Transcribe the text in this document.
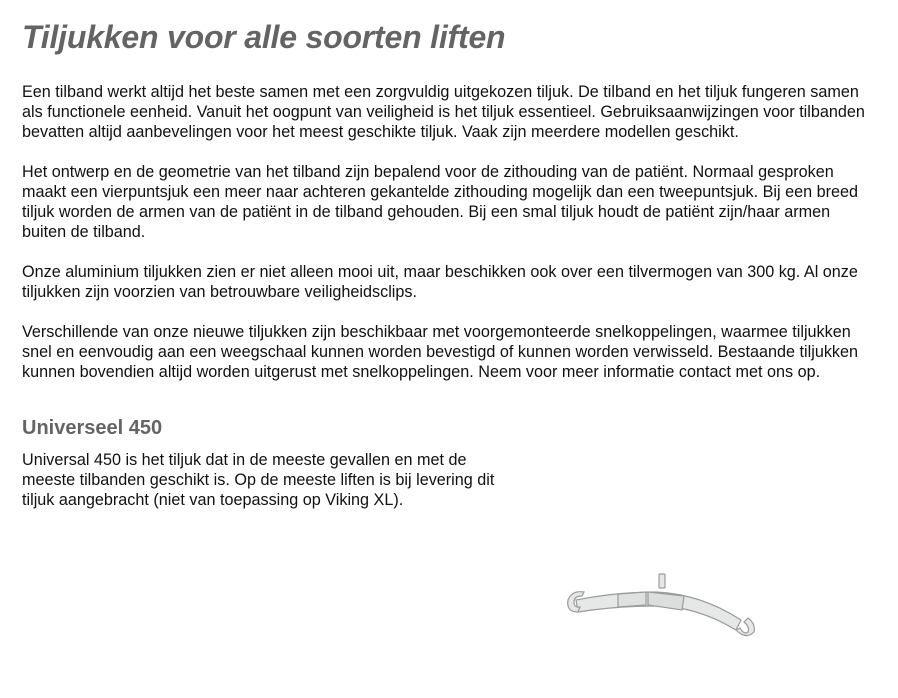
Tiljukken voor alle soorten liften

Een tilband werkt altijd het beste samen met een zorgvuldig uitgekozen tiljuk. De tilband en het tiljuk fungeren samen als functionele eenheid. Vanuit het oogpunt van veiligheid is het tiljuk essentieel. Gebruiksaanwijzingen voor tilbanden bevatten altijd aanbevelingen voor het meest geschikte tiljuk. Vaak zijn meerdere modellen geschikt.

Het ontwerp en de geometrie van het tilband zijn bepalend voor de zithouding van de patiënt. Normaal gesproken maakt een vierpuntsjuk een meer naar achteren gekantelde zithouding mogelijk dan een tweepuntsjuk. Bij een breed tiljuk worden de armen van de patiënt in de tilband gehouden. Bij een smal tiljuk houdt de patiënt zijn/haar armen buiten de tilband.

Onze aluminium tiljukken zien er niet alleen mooi uit, maar beschikken ook over een tilvermogen van 300 kg. Al onze tiljukken zijn voorzien van betrouwbare veiligheidsclips.

Verschillende van onze nieuwe tiljukken zijn beschikbaar met voorgemonteerde snelkoppelingen, waarmee tiljukken snel en eenvoudig aan een weegschaal kunnen worden bevestigd of kunnen worden verwisseld. Bestaande tiljukken kunnen bovendien altijd worden uitgerust met snelkoppelingen. Neem voor meer informatie contact met ons op.

Universeel 450

Universal 450 is het tiljuk dat in de meeste gevallen en met de meeste tilbanden geschikt is. Op de meeste liften is bij levering dit tiljuk aangebracht (niet van toepassing op Viking XL).
